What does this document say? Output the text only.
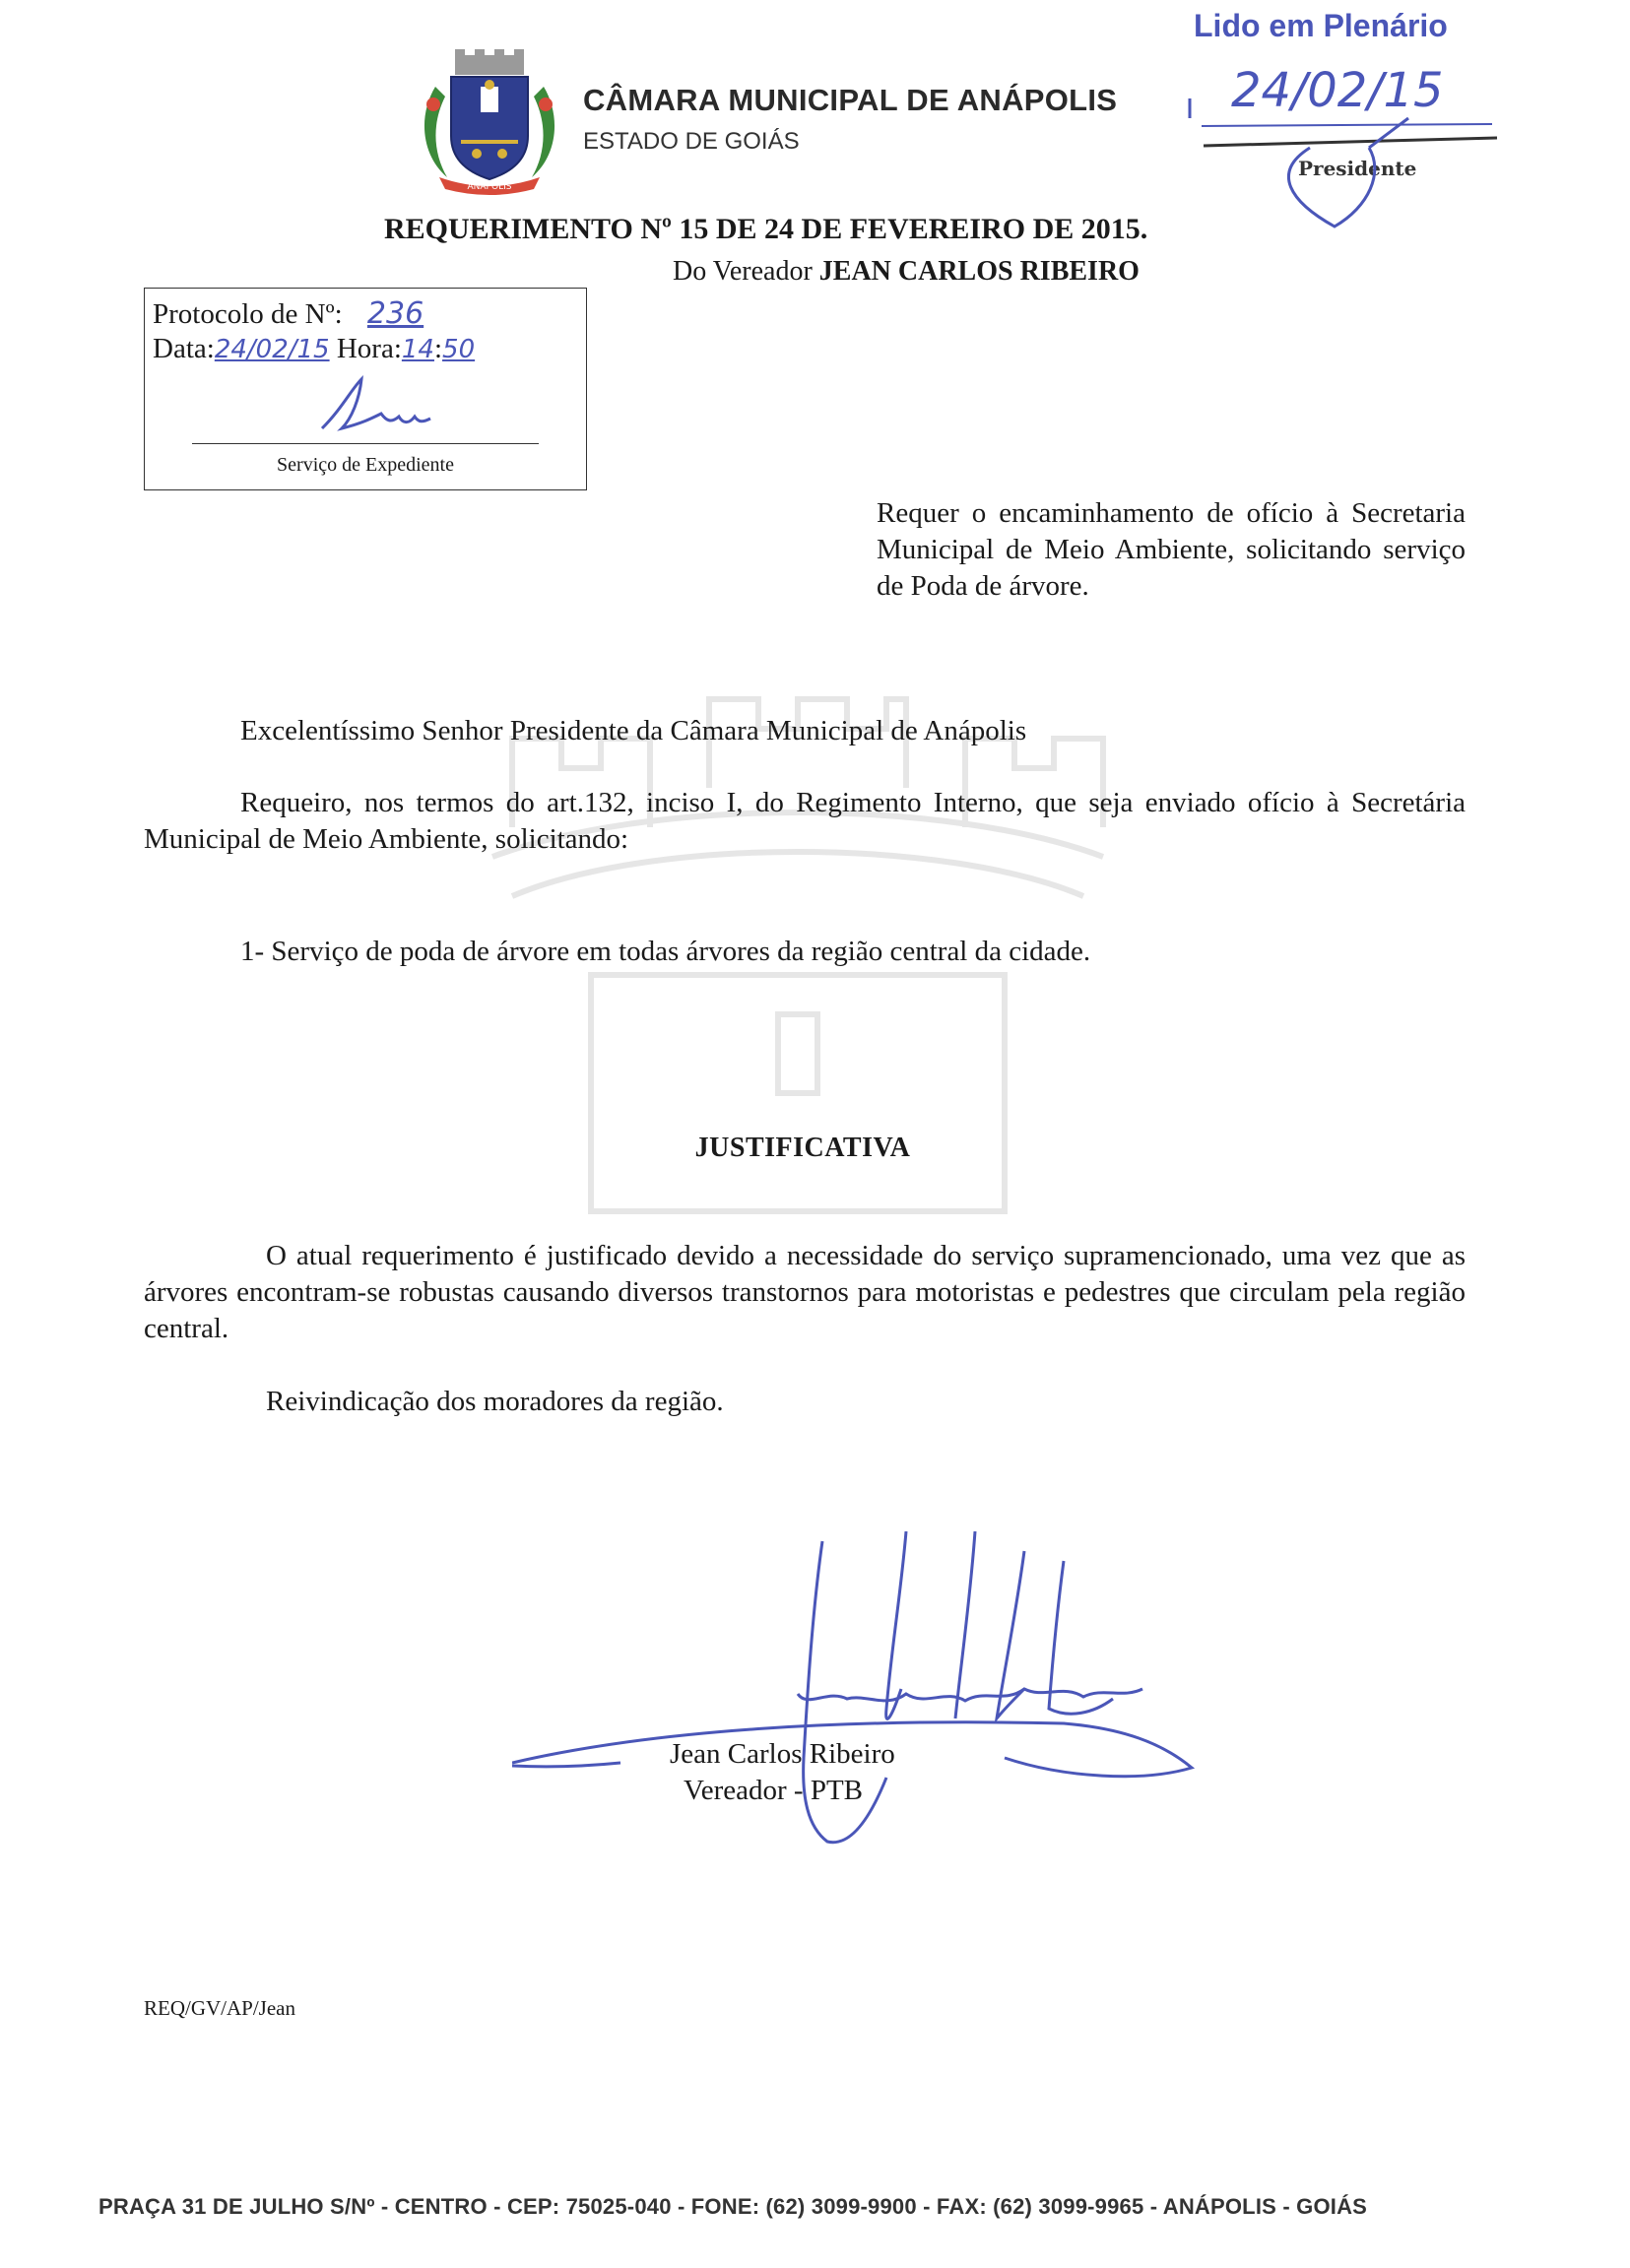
ANÁPOLIS
CÂMARA MUNICIPAL DE ANÁPOLIS
ESTADO DE GOIÁS
Lido em Plenário
24/02/15
Presidente
REQUERIMENTO Nº 15 DE 24 DE FEVEREIRO DE 2015.
Do Vereador JEAN CARLOS RIBEIRO
Protocolo de Nº: 236
Data:24/02/15 Hora:14:50
Serviço de Expediente
Requer o encaminhamento de ofício à Secretaria Municipal de Meio Ambiente, solicitando serviço de Poda de árvore.
Excelentíssimo Senhor Presidente da Câmara Municipal de Anápolis
Requeiro, nos termos do art.132, inciso I, do Regimento Interno, que seja enviado ofício à Secretária Municipal de Meio Ambiente, solicitando:
1- Serviço de poda de árvore em todas árvores da região central da cidade.
JUSTIFICATIVA
O atual requerimento é justificado devido a necessidade do serviço supramencionado, uma vez que as árvores encontram-se robustas causando diversos transtornos para motoristas e pedestres que circulam pela região central.
Reivindicação dos moradores da região.
Jean Carlos Ribeiro
Vereador - PTB
REQ/GV/AP/Jean
PRAÇA 31 DE JULHO S/Nº - CENTRO - CEP: 75025-040 - FONE: (62) 3099-9900 - FAX: (62) 3099-9965 - ANÁPOLIS - GOIÁS
